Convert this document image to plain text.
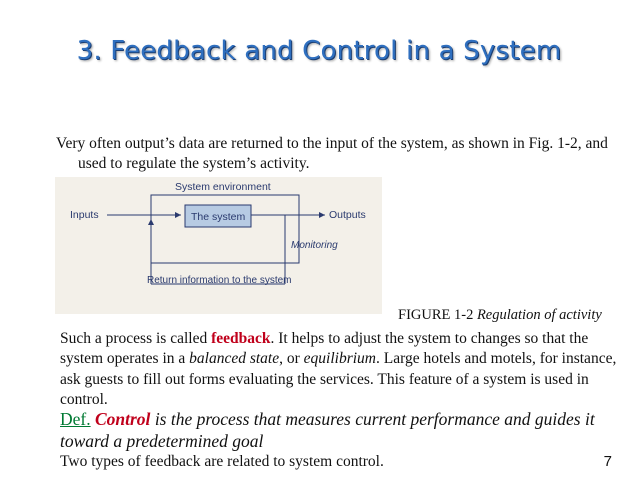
3. Feedback and Control in a System
Very often output’s data are returned to the input of the system, as shown in Fig. 1-2, and
used to regulate the system’s activity.
System environment
Inputs	The system	Outputs
Monitoring
Return information to the system
FIGURE 1-2 Regulation of activity
Such a process is called feedback. It helps to adjust the system to changes so that the system operates in a balanced state, or equilibrium. Large hotels and motels, for instance, ask guests to fill out forms evaluating the services. This feature of a system is used in control.
Def. Control is the process that measures current performance and guides it toward a predetermined goal
Two types of feedback are related to system control.	7
